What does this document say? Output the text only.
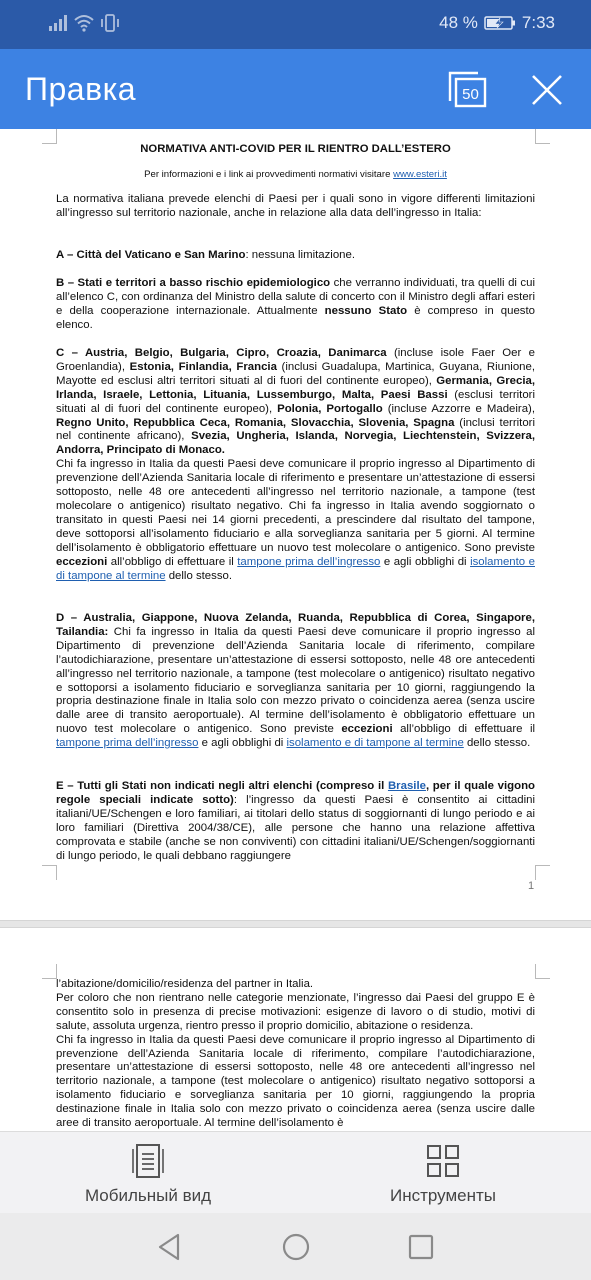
48 %	7:33
Правка	50
NORMATIVA ANTI-COVID PER IL RIENTRO DALL’ESTERO
Per informazioni e i link ai provvedimenti normativi visitare www.esteri.it
La normativa italiana prevede elenchi di Paesi per i quali sono in vigore differenti limitazioni all’ingresso sul territorio nazionale, anche in relazione alla data dell’ingresso in Italia:
A – Città del Vaticano e San Marino: nessuna limitazione.
B – Stati e territori a basso rischio epidemiologico che verranno individuati, tra quelli di cui all’elenco C, con ordinanza del Ministro della salute di concerto con il Ministro degli affari esteri e della cooperazione internazionale. Attualmente nessuno Stato è compreso in questo elenco.
C – Austria, Belgio, Bulgaria, Cipro, Croazia, Danimarca (incluse isole Faer Oer e Groenlandia), Estonia, Finlandia, Francia (inclusi Guadalupa, Martinica, Guyana, Riunione, Mayotte ed esclusi altri territori situati al di fuori del continente europeo), Germania, Grecia, Irlanda, Israele, Lettonia, Lituania, Lussemburgo, Malta, Paesi Bassi (esclusi territori situati al di fuori del continente europeo), Polonia, Portogallo (incluse Azzorre e Madeira), Regno Unito, Repubblica Ceca, Romania, Slovacchia, Slovenia, Spagna (inclusi territori nel continente africano), Svezia, Ungheria, Islanda, Norvegia, Liechtenstein, Svizzera, Andorra, Principato di Monaco.
Chi fa ingresso in Italia da questi Paesi deve comunicare il proprio ingresso al Dipartimento di prevenzione dell’Azienda Sanitaria locale di riferimento e presentare un’attestazione di essersi sottoposto, nelle 48 ore antecedenti all’ingresso nel territorio nazionale, a tampone (test molecolare o antigenico) risultato negativo. Chi fa ingresso in Italia avendo soggiornato o transitato in questi Paesi nei 14 giorni precedenti, a prescindere dal risultato del tampone, deve sottoporsi all’isolamento fiduciario e alla sorveglianza sanitaria per 5 giorni. Al termine dell’isolamento è obbligatorio effettuare un nuovo test molecolare o antigenico. Sono previste eccezioni all’obbligo di effettuare il tampone prima dell’ingresso e agli obblighi di isolamento e di tampone al termine dello stesso.
D – Australia, Giappone, Nuova Zelanda, Ruanda, Repubblica di Corea, Singapore, Tailandia: Chi fa ingresso in Italia da questi Paesi deve comunicare il proprio ingresso al Dipartimento di prevenzione dell’Azienda Sanitaria locale di riferimento, compilare l’autodichiarazione, presentare un’attestazione di essersi sottoposto, nelle 48 ore antecedenti all’ingresso nel territorio nazionale, a tampone (test molecolare o antigenico) risultato negativo e sottoporsi a isolamento fiduciario e sorveglianza sanitaria per 10 giorni, raggiungendo la propria destinazione finale in Italia solo con mezzo privato o coincidenza aerea (senza uscire dalle aree di transito aeroportuale). Al termine dell’isolamento è obbligatorio effettuare un nuovo test molecolare o antigenico. Sono previste eccezioni all’obbligo di effettuare il tampone prima dell’ingresso e agli obblighi di isolamento e di tampone al termine dello stesso.
E – Tutti gli Stati non indicati negli altri elenchi (compreso il Brasile, per il quale vigono regole speciali indicate sotto): l’ingresso da questi Paesi è consentito ai cittadini italiani/UE/Schengen e loro familiari, ai titolari dello status di soggiornanti di lungo periodo e ai loro familiari (Direttiva 2004/38/CE), alle persone che hanno una relazione affettiva comprovata e stabile (anche se non conviventi) con cittadini italiani/UE/Schengen/soggiornanti di lungo periodo, le quali debbano raggiungere
1
l’abitazione/domicilio/residenza del partner in Italia.
Per coloro che non rientrano nelle categorie menzionate, l’ingresso dai Paesi del gruppo E è consentito solo in presenza di precise motivazioni: esigenze di lavoro o di studio, motivi di salute, assoluta urgenza, rientro presso il proprio domicilio, abitazione o residenza.
Chi fa ingresso in Italia da questi Paesi deve comunicare il proprio ingresso al Dipartimento di prevenzione dell’Azienda Sanitaria locale di riferimento, compilare l’autodichiarazione, presentare un’attestazione di essersi sottoposto, nelle 48 ore antecedenti all’ingresso nel territorio nazionale, a tampone (test molecolare o antigenico) risultato negativo sottoporsi a isolamento fiduciario e sorveglianza sanitaria per 10 giorni, raggiungendo la propria destinazione finale in Italia solo con mezzo privato o coincidenza aerea (senza uscire dalle aree di transito aeroportuale. Al termine dell’isolamento è
Мобильный вид	Инструменты
